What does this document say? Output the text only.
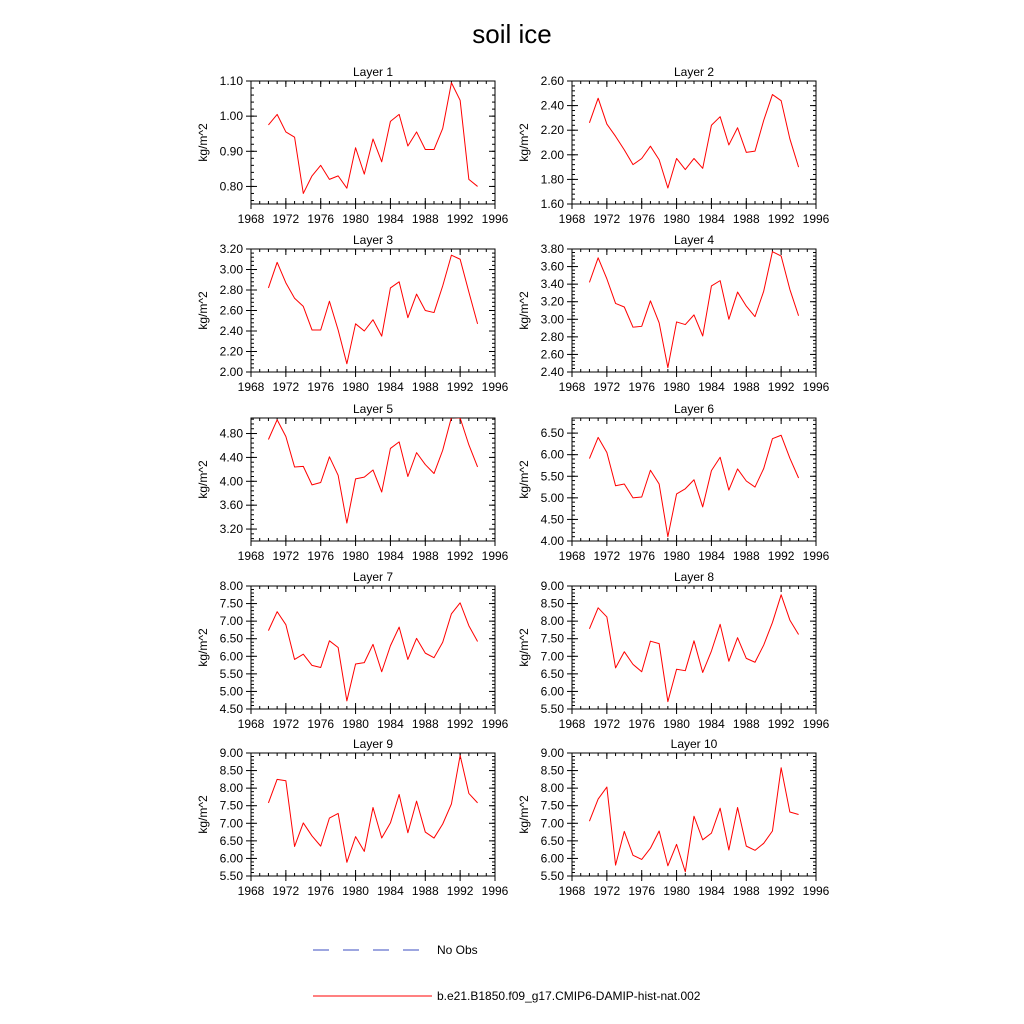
soil ice
Layer 1
kg/m^2
1968 1972 1976 1980 1984 1988 1992 1996
0.80
0.90
1.00
1.10
Layer 2
kg/m^2
1968 1972 1976 1980 1984 1988 1992 1996
1.60
1.80
2.00
2.20
2.40
2.60
Layer 3
kg/m^2
1968 1972 1976 1980 1984 1988 1992 1996
2.00
2.20
2.40
2.60
2.80
3.00
3.20
Layer 4
kg/m^2
1968 1972 1976 1980 1984 1988 1992 1996
2.40
2.60
2.80
3.00
3.20
3.40
3.60
3.80
Layer 5
kg/m^2
1968 1972 1976 1980 1984 1988 1992 1996
3.20
3.60
4.00
4.40
4.80
Layer 6
kg/m^2
1968 1972 1976 1980 1984 1988 1992 1996
4.00
4.50
5.00
5.50
6.00
6.50
Layer 7
kg/m^2
1968 1972 1976 1980 1984 1988 1992 1996
4.50
5.00
5.50
6.00
6.50
7.00
7.50
8.00
Layer 8
kg/m^2
1968 1972 1976 1980 1984 1988 1992 1996
5.50
6.00
6.50
7.00
7.50
8.00
8.50
9.00
Layer 9
kg/m^2
1968 1972 1976 1980 1984 1988 1992 1996
5.50
6.00
6.50
7.00
7.50
8.00
8.50
9.00
Layer 10
kg/m^2
1968 1972 1976 1980 1984 1988 1992 1996
5.50
6.00
6.50
7.00
7.50
8.00
8.50
9.00
No Obs
b.e21.B1850.f09_g17.CMIP6-DAMIP-hist-nat.002
